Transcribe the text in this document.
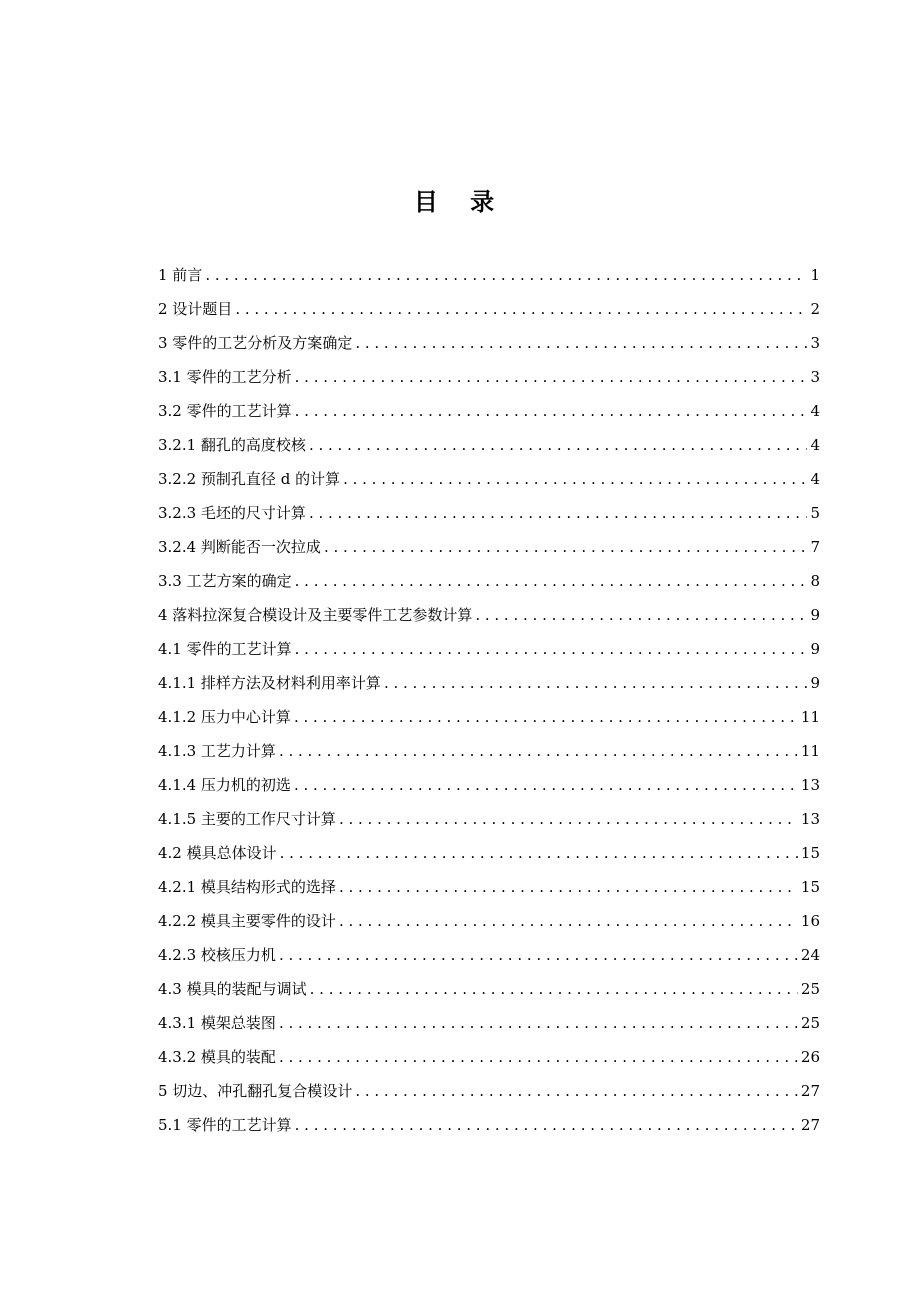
目 录
1 前言 . . .	1
2 设计题目 . . .	2
3 零件的工艺分析及方案确定 . . .	3
3.1 零件的工艺分析 . . .	3
3.2 零件的工艺计算 . . .	4
3.2.1 翻孔的高度校核 . . .	4
3.2.2 预制孔直径 d 的计算 . . .	4
3.2.3 毛坯的尺寸计算 . . .	5
3.2.4 判断能否一次拉成 . . .	7
3.3 工艺方案的确定 . . .	8
4 落料拉深复合模设计及主要零件工艺参数计算 . . .	9
4.1 零件的工艺计算 . . .	9
4.1.1 排样方法及材料利用率计算 . . .	9
4.1.2 压力中心计算 . . .	11
4.1.3 工艺力计算 . . .	11
4.1.4 压力机的初选 . . .	13
4.1.5 主要的工作尺寸计算 . . .	13
4.2 模具总体设计 . . .	15
4.2.1 模具结构形式的选择 . . .	15
4.2.2 模具主要零件的设计 . . .	16
4.2.3 校核压力机 . . .	24
4.3 模具的装配与调试 . . .	25
4.3.1 模架总装图 . . .	25
4.3.2 模具的装配 . . .	26
5 切边、冲孔翻孔复合模设计 . . .	27
5.1 零件的工艺计算 . . .	27
